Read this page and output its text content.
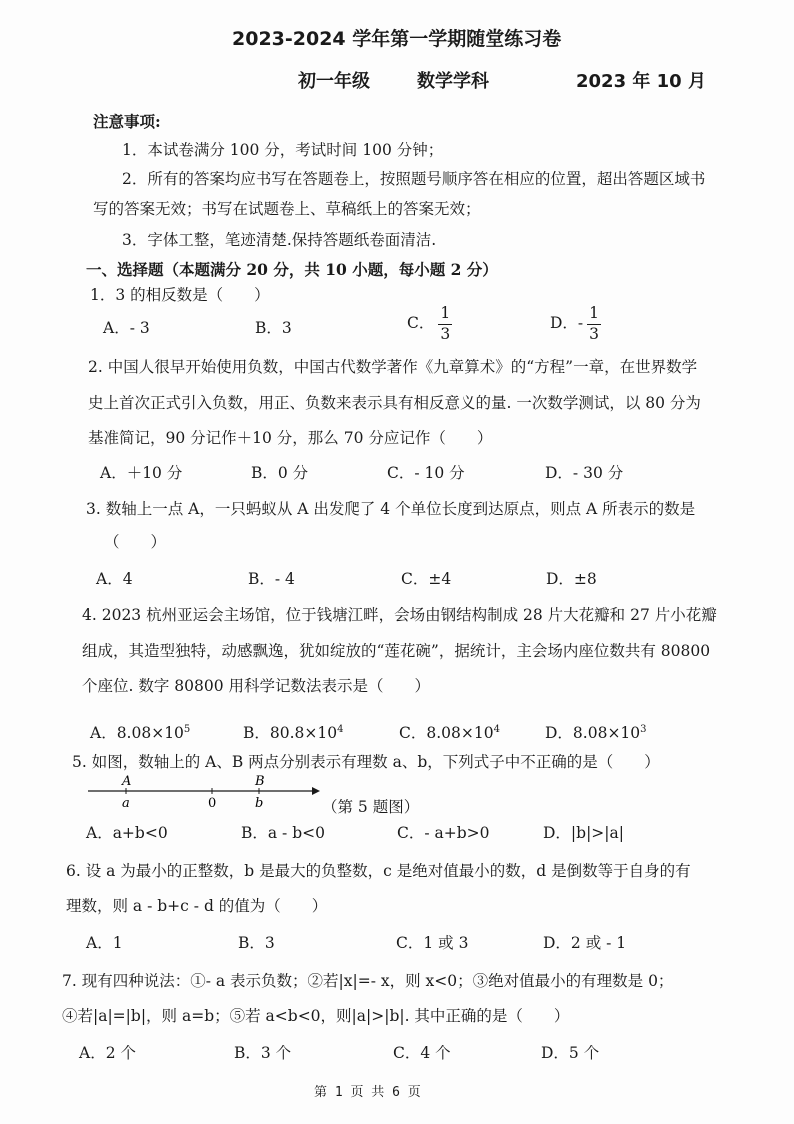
2023-2024 学年第一学期随堂练习卷
初一年级	数学学科	2023 年 10 月
注意事项:
1．本试卷满分 100 分，考试时间 100 分钟；
2．所有的答案均应书写在答题卷上，按照题号顺序答在相应的位置，超出答题区域书
写的答案无效；书写在试题卷上、草稿纸上的答案无效；
3．字体工整，笔迹清楚.保持答题纸卷面清洁.
一、选择题（本题满分 20 分，共 10 小题，每小题 2 分）
1．3 的相反数是（　　）
A．- 3	B．3	C． $\frac{1}{3}$	D．- $\frac{1}{3}$
2. 中国人很早开始使用负数，中国古代数学著作《九章算术》的“方程”一章，在世界数学
史上首次正式引入负数，用正、负数来表示具有相反意义的量. 一次数学测试，以 80 分为
基准简记，90 分记作＋10 分，那么 70 分应记作（　　）
A．＋10 分	B．0 分	C．- 10 分	D．- 30 分
3. 数轴上一点 A，一只蚂蚁从 A 出发爬了 4 个单位长度到达原点，则点 A 所表示的数是
（　　）
A．4	B．- 4	C．±4	D．±8
4. 2023 杭州亚运会主场馆，位于钱塘江畔，会场由钢结构制成 28 片大花瓣和 27 片小花瓣
组成，其造型独特，动感飘逸，犹如绽放的“莲花碗”，据统计，主会场内座位数共有 80800
个座位. 数字 80800 用科学记数法表示是（　　）
A．$8.08\times 10^5$	B．$80.8\times 10^4$	C．$8.08\times 10^4$	D．$8.08\times 10^3$
5. 如图，数轴上的 A、B 两点分别表示有理数 a、b，下列式子中不正确的是（　　）
A
a	0
B
b	（第 5 题图）
A．a+b<0	B．a - b<0	C．- a+b>0	D．|b|>|a|
6. 设 a 为最小的正整数，b 是最大的负整数，c 是绝对值最小的数，d 是倒数等于自身的有
理数，则 a - b+c - d 的值为（　　）
A．1	B．3	C．1 或 3	D．2 或 - 1
7. 现有四种说法：①- a 表示负数；②若|x|=- x，则 x<0；③绝对值最小的有理数是 0；
④若|a|=|b|，则 a=b；⑤若 a<b<0，则|a|>|b|. 其中正确的是（　　）
A．2 个	B．3 个	C．4 个	D．5 个
第 1 页 共 6 页
